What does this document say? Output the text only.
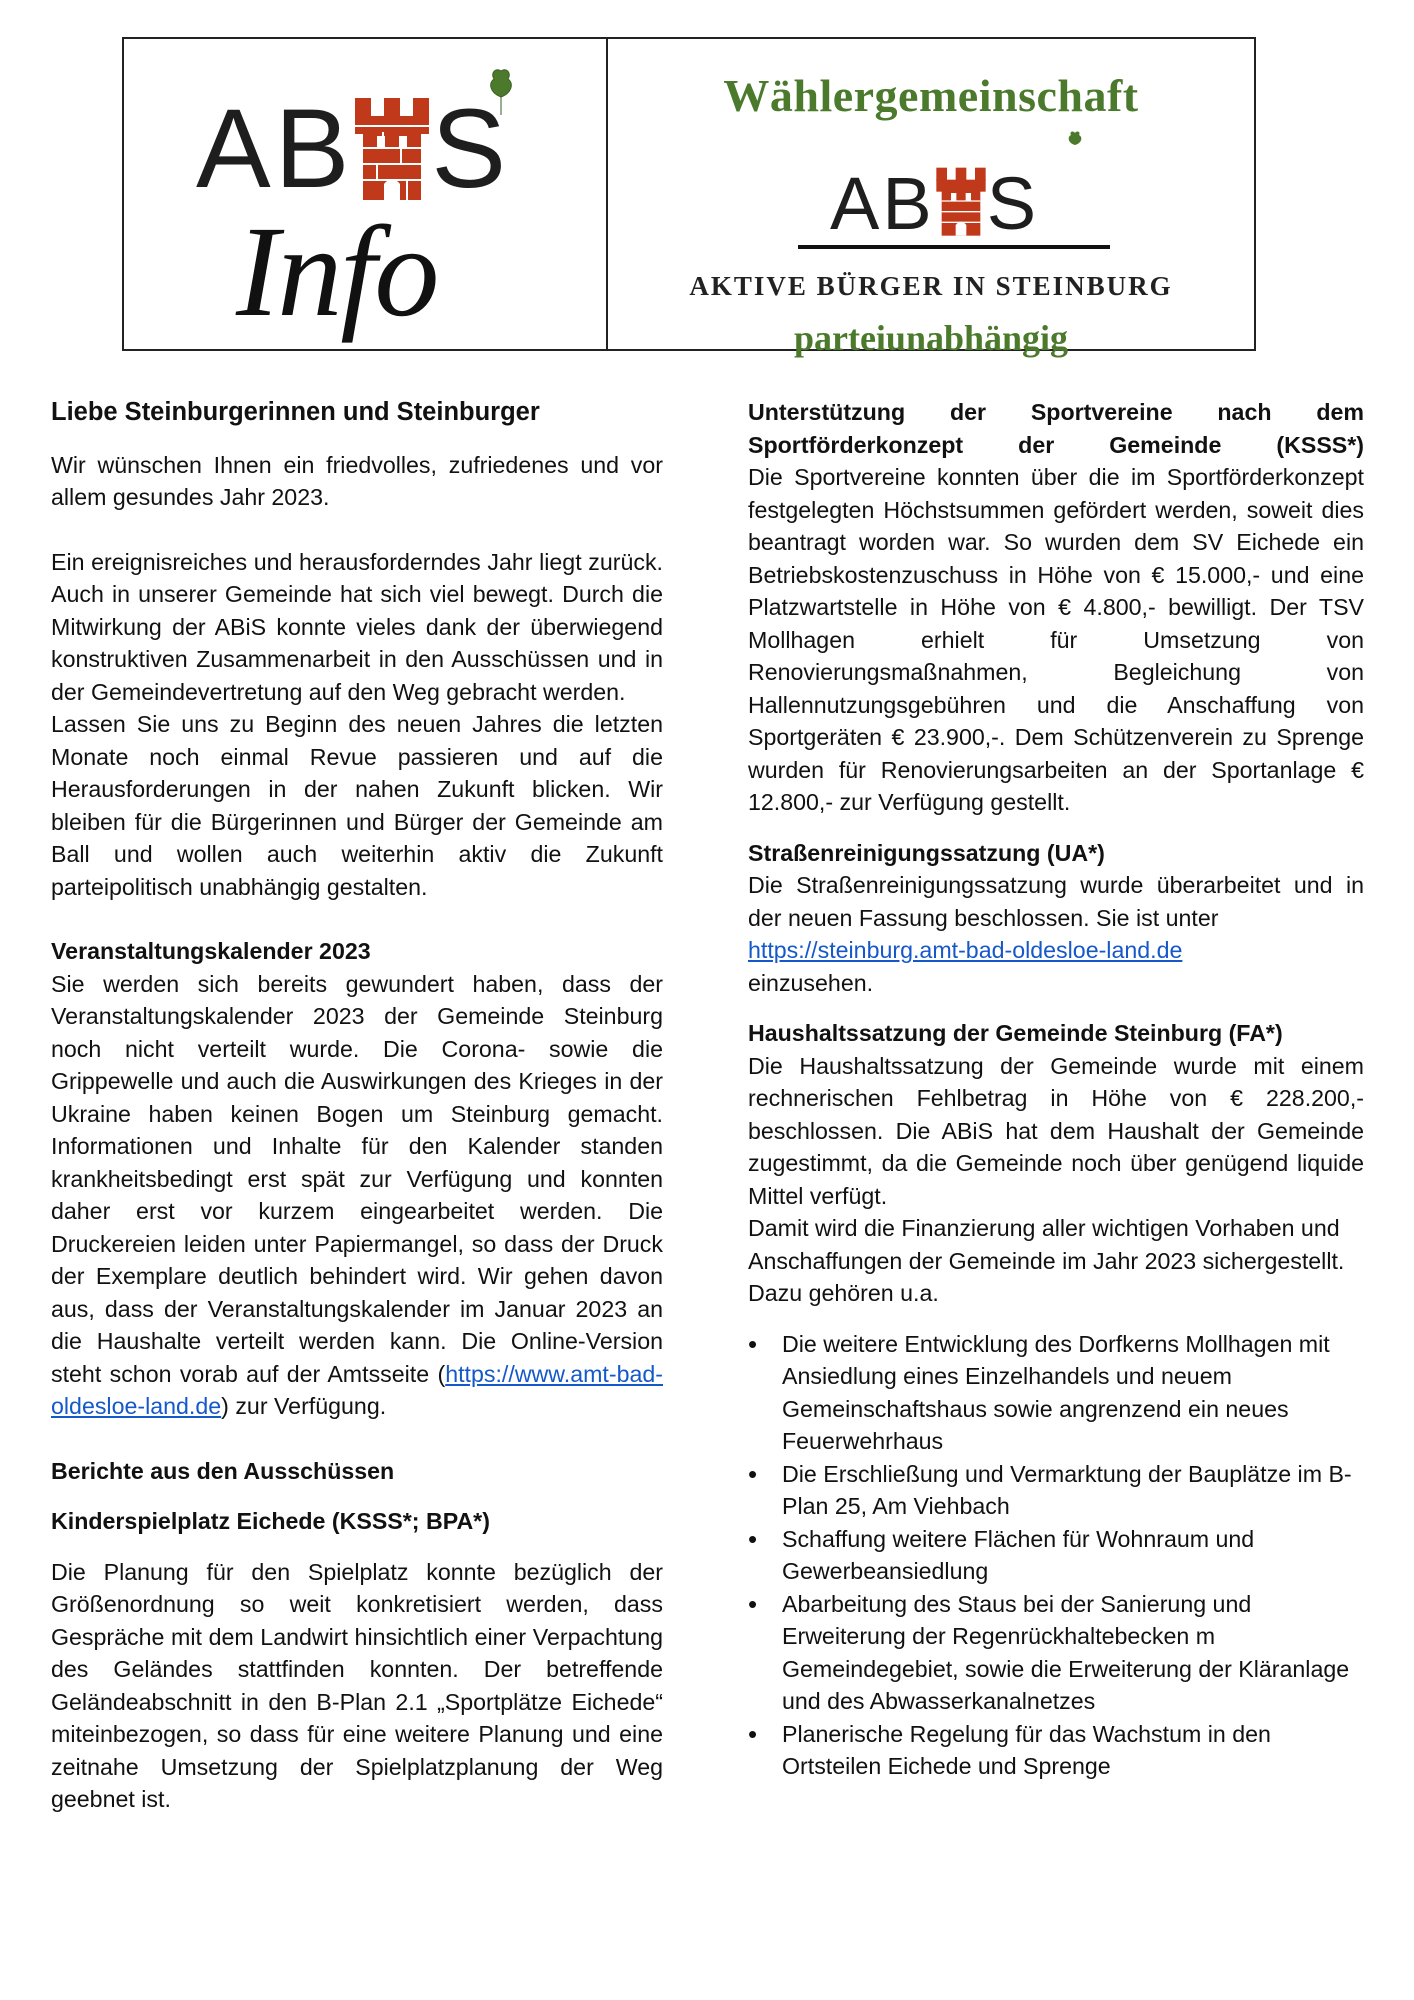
AB S
Info
Wählergemeinschaft
AB S
AKTIVE BÜRGER IN STEINBURG
parteiunabhängig
Liebe Steinburgerinnen und Steinburger

Wir wünschen Ihnen ein friedvolles, zufriedenes und vor allem gesundes Jahr 2023.

Ein ereignisreiches und herausforderndes Jahr liegt zurück. Auch in unserer Gemeinde hat sich viel bewegt. Durch die Mitwirkung der ABiS konnte vieles dank der überwiegend konstruktiven Zusammenarbeit in den Ausschüssen und in der Gemeindevertretung auf den Weg gebracht werden.

Lassen Sie uns zu Beginn des neuen Jahres die letzten Monate noch einmal Revue passieren und auf die Herausforderungen in der nahen Zukunft blicken. Wir bleiben für die Bürgerinnen und Bürger der Gemeinde am Ball und wollen auch weiterhin aktiv die Zukunft parteipolitisch unabhängig gestalten.

Veranstaltungskalender 2023

Sie werden sich bereits gewundert haben, dass der Veranstaltungskalender 2023 der Gemeinde Steinburg noch nicht verteilt wurde. Die Corona- sowie die Grippewelle und auch die Auswirkungen des Krieges in der Ukraine haben keinen Bogen um Steinburg gemacht. Informationen und Inhalte für den Kalender standen krankheitsbedingt erst spät zur Verfügung und konnten daher erst vor kurzem eingearbeitet werden. Die Druckereien leiden unter Papiermangel, so dass der Druck der Exemplare deutlich behindert wird. Wir gehen davon aus, dass der Veranstaltungskalender im Januar 2023 an die Haushalte verteilt werden kann. Die Online-Version steht schon vorab auf der Amtsseite (https://www.amt-bad-oldesloe-land.de) zur Verfügung.

Berichte aus den Ausschüssen
Kinderspielplatz Eichede (KSSS*; BPA*)

Die Planung für den Spielplatz konnte bezüglich der Größenordnung so weit konkretisiert werden, dass Gespräche mit dem Landwirt hinsichtlich einer Verpachtung des Geländes stattfinden konnten. Der betreffende Geländeabschnitt in den B-Plan 2.1 „Sportplätze Eichede“ miteinbezogen, so dass für eine weitere Planung und eine zeitnahe Umsetzung der Spielplatzplanung der Weg geebnet ist.

Unterstützung der Sportvereine nach dem Sportförderkonzept der Gemeinde (KSSS*)

Die Sportvereine konnten über die im Sportförderkonzept festgelegten Höchstsummen gefördert werden, soweit dies beantragt worden war. So wurden dem SV Eichede ein Betriebskostenzuschuss in Höhe von € 15.000,- und eine Platzwartstelle in Höhe von € 4.800,- bewilligt. Der TSV Mollhagen erhielt für Umsetzung von Renovierungsmaßnahmen, Begleichung von Hallennutzungsgebühren und die Anschaffung von Sportgeräten € 23.900,-. Dem Schützenverein zu Sprenge wurden für Renovierungsarbeiten an der Sportanlage € 12.800,- zur Verfügung gestellt.

Straßenreinigungssatzung (UA*)

Die Straßenreinigungssatzung wurde überarbeitet und in der neuen Fassung beschlossen. Sie ist unter

https://steinburg.amt-bad-oldesloe-land.de
einzusehen.
Haushaltssatzung der Gemeinde Steinburg (FA*)

Die Haushaltssatzung der Gemeinde wurde mit einem rechnerischen Fehlbetrag in Höhe von € 228.200,- beschlossen. Die ABiS hat dem Haushalt der Gemeinde zugestimmt, da die Gemeinde noch über genügend liquide Mittel verfügt.

Damit wird die Finanzierung aller wichtigen Vorhaben und Anschaffungen der Gemeinde im Jahr 2023 sichergestellt. Dazu gehören u.a.

• Die weitere Entwicklung des Dorfkerns Mollhagen mit Ansiedlung eines Einzelhandels und neuem Gemeinschaftshaus sowie angrenzend ein neues Feuerwehrhaus
• Die Erschließung und Vermarktung der Bauplätze im B-Plan 25, Am Viehbach
• Schaffung weitere Flächen für Wohnraum und Gewerbeansiedlung
• Abarbeitung des Staus bei der Sanierung und Erweiterung der Regenrückhaltebecken m Gemeindegebiet, sowie die Erweiterung der Kläranlage und des Abwasserkanalnetzes
• Planerische Regelung für das Wachstum in den Ortsteilen Eichede und Sprenge
